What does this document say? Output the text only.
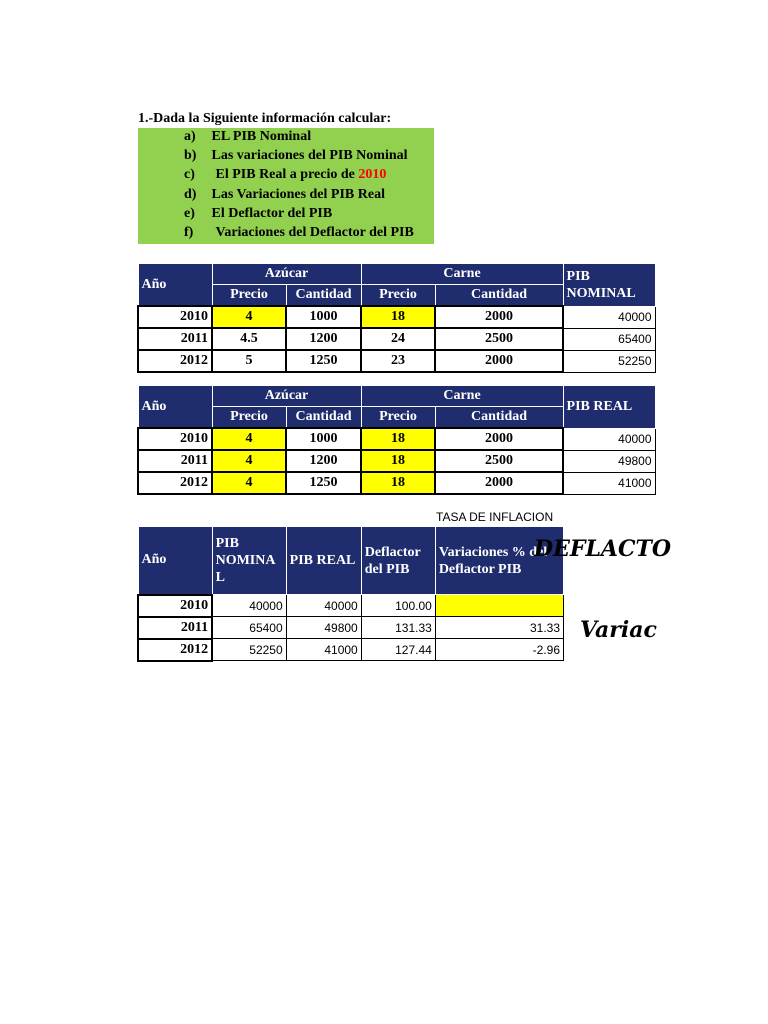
1.-Dada la Siguiente información calcular:
a) EL PIB Nominal
b) Las variaciones del PIB Nominal
c) El PIB Real a precio de 2010
d) Las Variaciones del PIB Real
e) El Deflactor del PIB
f) Variaciones del Deflactor del PIB
Año	Azúcar		Carne		PIB NOMINAL
	Precio	Cantidad	Precio	Cantidad	
2010	4	1000	18	2000	40000
2011	4.5	1200	24	2500	65400
2012	5	1250	23	2000	52250
Año	Azúcar		Carne		PIB REAL
	Precio	Cantidad	Precio	Cantidad	
2010	4	1000	18	2000	40000
2011	4	1200	18	2500	49800
2012	4	1250	18	2000	41000
TASA DE INFLACION
Año	PIB NOMINA L	PIB REAL	Deflactor del PIB	Variaciones % del Deflactor PIB
2010	40000	40000	100.00	
2011	65400	49800	131.33	31.33
2012	52250	41000	127.44	-2.96
DEFLACTO
Variac
